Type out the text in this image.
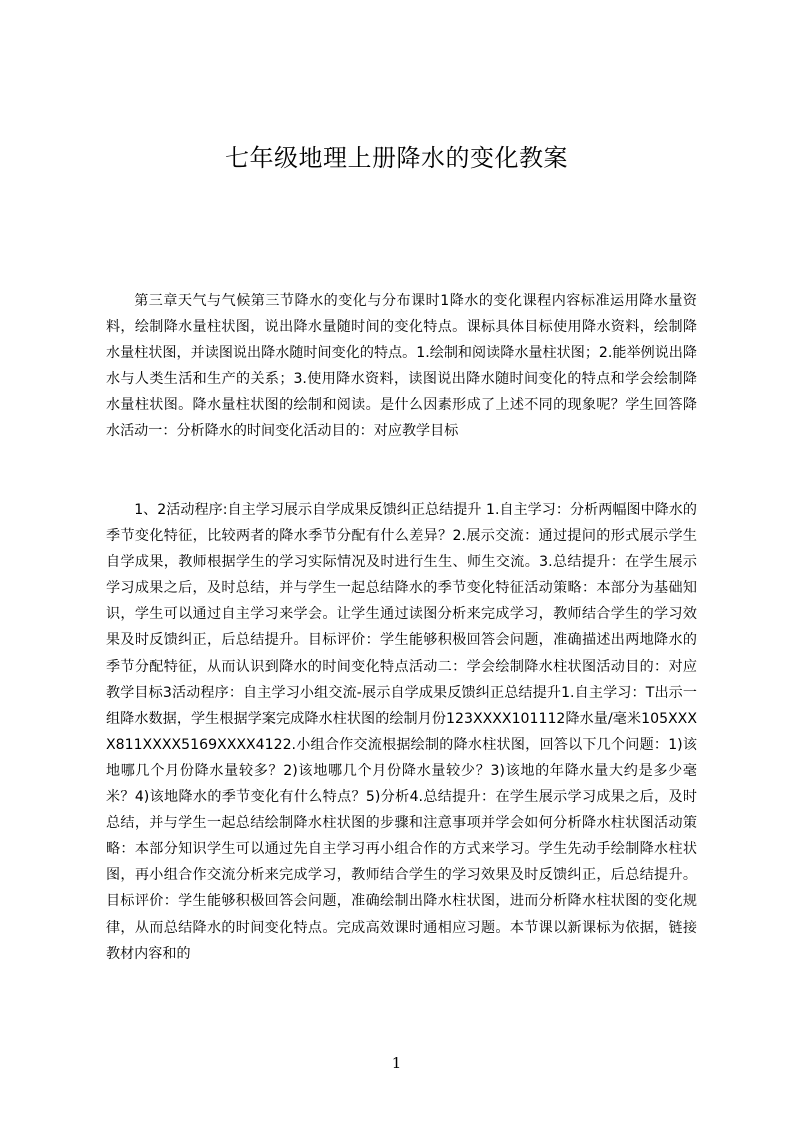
七年级地理上册降水的变化教案

第三章天气与气候第三节降水的变化与分布课时1降水的变化课程内容标准运用降水量资料，绘制降水量柱状图，说出降水量随时间的变化特点。课标具体目标使用降水资料，绘制降水量柱状图，并读图说出降水随时间变化的特点。1.绘制和阅读降水量柱状图；2.能举例说出降水与人类生活和生产的关系；3.使用降水资料，读图说出降水随时间变化的特点和学会绘制降水量柱状图。降水量柱状图的绘制和阅读。是什么因素形成了上述不同的现象呢？学生回答降水活动一：分析降水的时间变化活动目的：对应教学目标

1、2活动程序:自主学习展示自学成果反馈纠正总结提升 1.自主学习：分析两幅图中降水的季节变化特征，比较两者的降水季节分配有什么差异？2.展示交流：通过提问的形式展示学生自学成果，教师根据学生的学习实际情况及时进行生生、师生交流。3.总结提升：在学生展示学习成果之后，及时总结，并与学生一起总结降水的季节变化特征活动策略：本部分为基础知识，学生可以通过自主学习来学会。让学生通过读图分析来完成学习，教师结合学生的学习效果及时反馈纠正，后总结提升。目标评价：学生能够积极回答会问题，准确描述出两地降水的季节分配特征，从而认识到降水的时间变化特点活动二：学会绘制降水柱状图活动目的：对应教学目标3活动程序：自主学习小组交流-展示自学成果反馈纠正总结提升1.自主学习：T出示一组降水数据，学生根据学案完成降水柱状图的绘制月份123XXXX101112降水量/毫米105XXXX811XXXX5169XXXX4122.小组合作交流根据绘制的降水柱状图，回答以下几个问题：1)该地哪几个月份降水量较多？2)该地哪几个月份降水量较少？3)该地的年降水量大约是多少毫米？4)该地降水的季节变化有什么特点？5)分析4.总结提升：在学生展示学习成果之后，及时总结，并与学生一起总结绘制降水柱状图的步骤和注意事项并学会如何分析降水柱状图活动策略：本部分知识学生可以通过先自主学习再小组合作的方式来学习。学生先动手绘制降水柱状图，再小组合作交流分析来完成学习，教师结合学生的学习效果及时反馈纠正，后总结提升。目标评价：学生能够积极回答会问题，准确绘制出降水柱状图，进而分析降水柱状图的变化规律，从而总结降水的时间变化特点。完成高效课时通相应习题。本节课以新课标为依据，链接教材内容和的

1
